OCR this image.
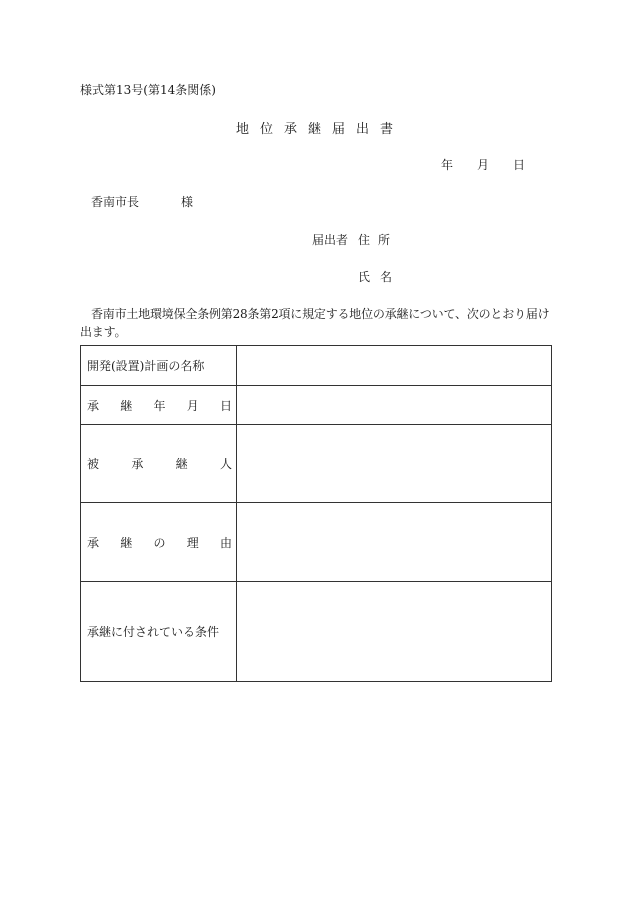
様式第13号(第14条関係)
地位承継届出書
年 月 日
香南市長	様
届出者 住所
氏名
香南市土地環境保全条例第28条第2項に規定する地位の承継について、次のとおり届け出ます。
開発(設置)計画の名称	

承 継 年 月 日	

被 承 継 人	

承 継 の 理 由	

承継に付されている条件	
